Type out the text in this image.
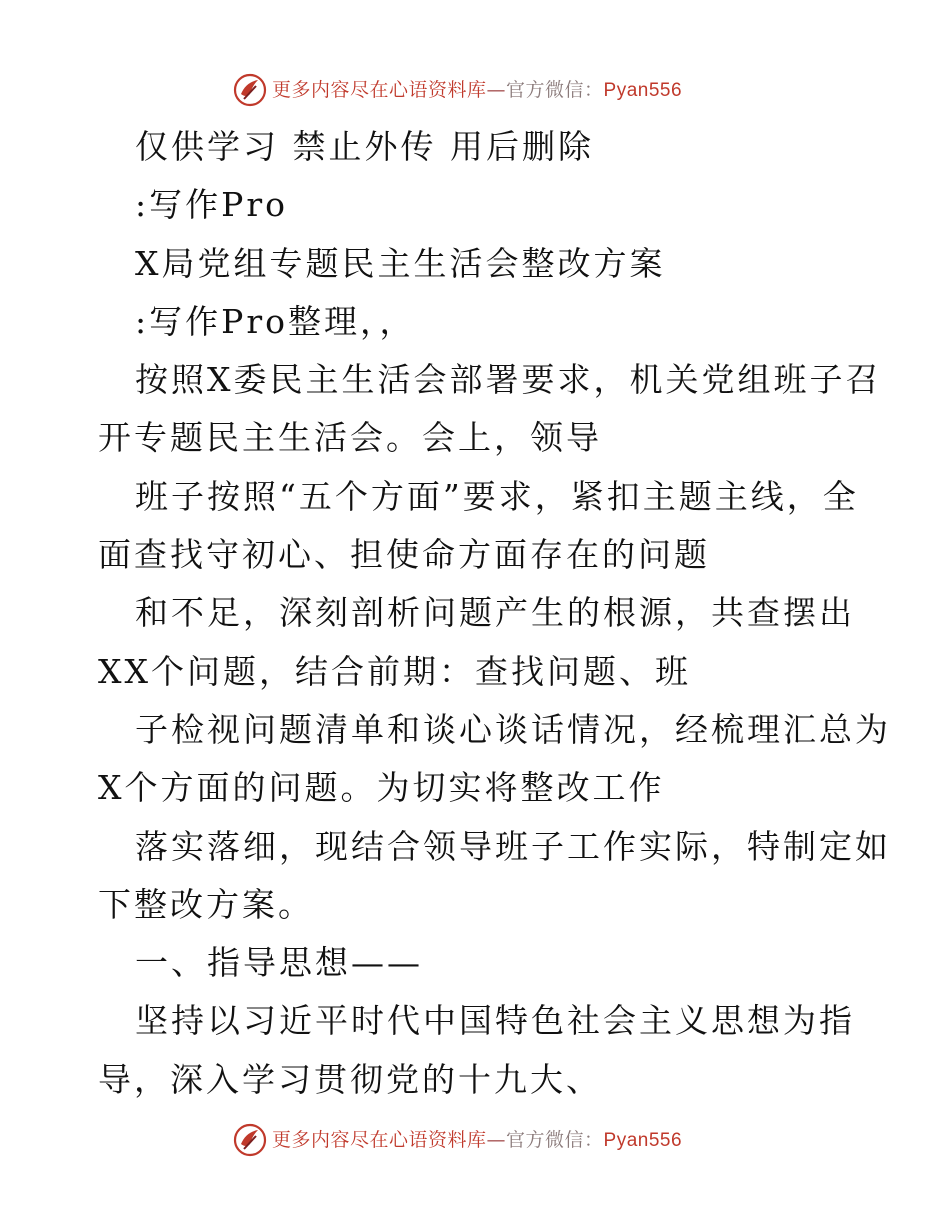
更多内容尽在心语资料库—官方微信：Pyan556
仅供学习 禁止外传 用后删除
:写作Pro
X局党组专题民主生活会整改方案
:写作Pro整理，，
按照X委民主生活会部署要求，机关党组班子召
开专题民主生活会。会上，领导
班子按照“五个方面”要求，紧扣主题主线，全
面查找守初心、担使命方面存在的问题
和不足，深刻剖析问题产生的根源，共查摆出
XX个问题，结合前期：查找问题、班
子检视问题清单和谈心谈话情况，经梳理汇总为
X个方面的问题。为切实将整改工作
落实落细，现结合领导班子工作实际，特制定如
下整改方案。
一、指导思想——
坚持以习近平时代中国特色社会主义思想为指
导，深入学习贯彻党的十九大、
更多内容尽在心语资料库—官方微信：Pyan556
